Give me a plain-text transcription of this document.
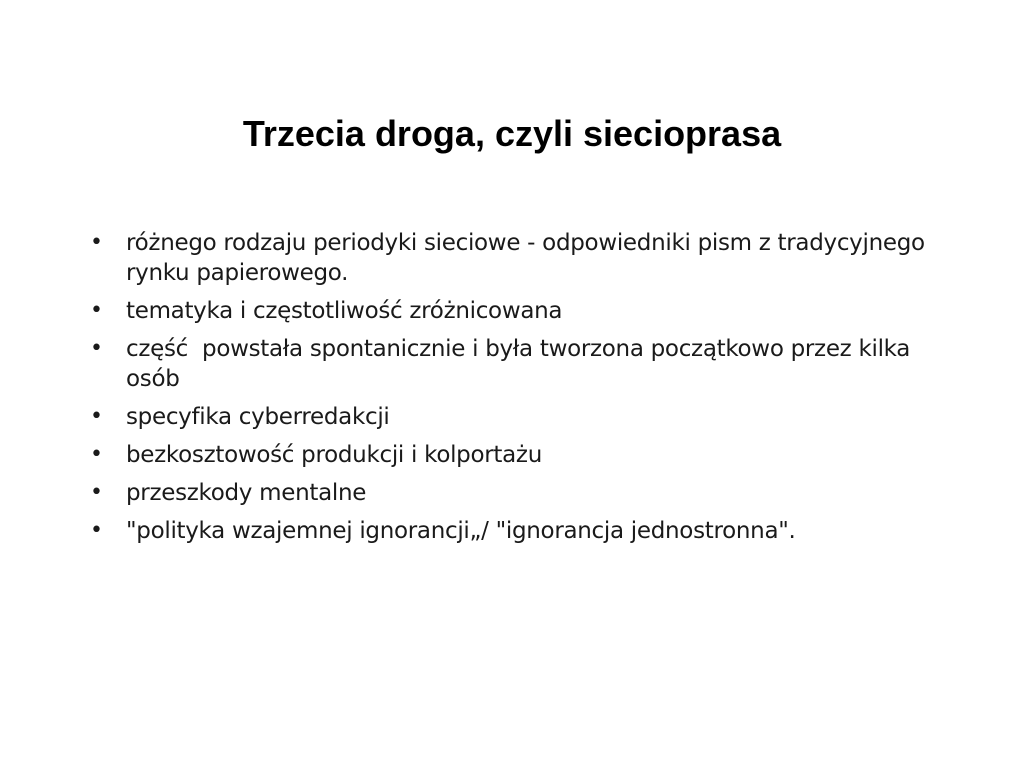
Trzecia droga, czyli siecioprasa
•	różnego rodzaju periodyki sieciowe - odpowiedniki pism z tradycyjnego rynku papierowego.
•	tematyka i częstotliwość zróżnicowana
•	część  powstała spontanicznie i była tworzona początkowo przez kilka osób
•	specyfika cyberredakcji
•	bezkosztowość produkcji i kolportażu
•	przeszkody mentalne
•	"polityka wzajemnej ignorancji„/ "ignorancja jednostronna".
